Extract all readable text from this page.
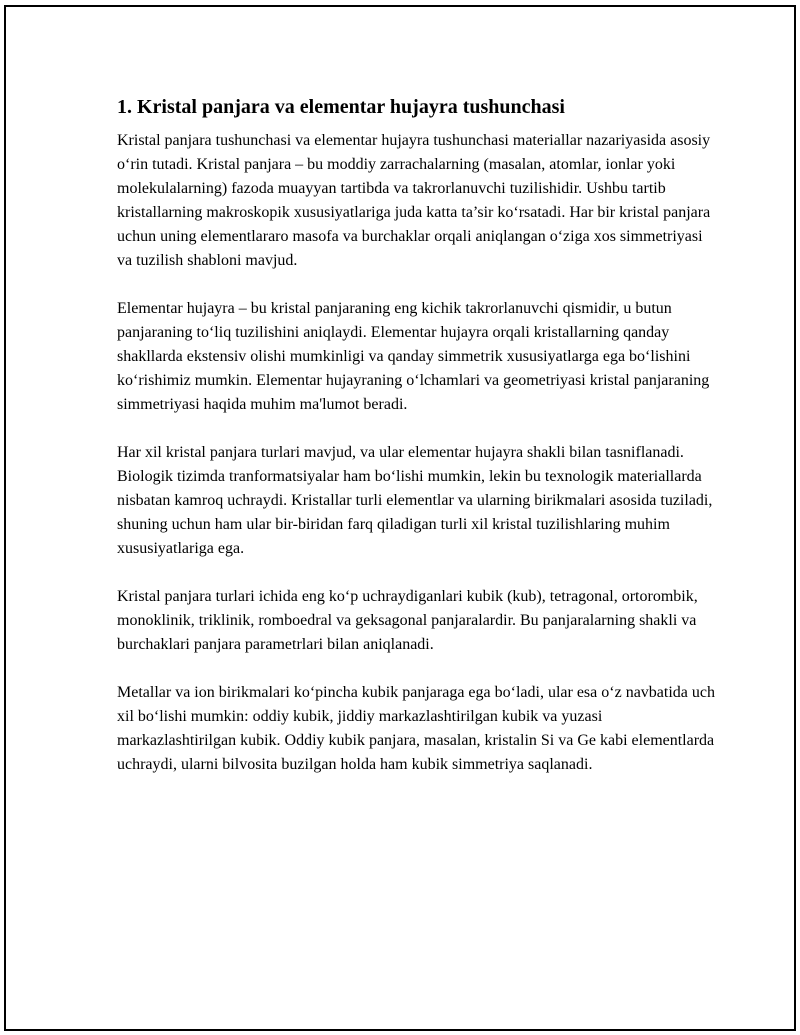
1. Kristal panjara va elementar hujayra tushunchasi

Kristal panjara tushunchasi va elementar hujayra tushunchasi materiallar nazariyasida asosiy o‘rin tutadi. Kristal panjara – bu moddiy zarrachalarning (masalan, atomlar, ionlar yoki molekulalarning) fazoda muayyan tartibda va takrorlanuvchi tuzilishidir. Ushbu tartib kristallarning makroskopik xususiyatlariga juda katta ta’sir ko‘rsatadi. Har bir kristal panjara uchun uning elementlararo masofa va burchaklar orqali aniqlangan o‘ziga xos simmetriyasi va tuzilish shabloni mavjud.

Elementar hujayra – bu kristal panjaraning eng kichik takrorlanuvchi qismidir, u butun panjaraning to‘liq tuzilishini aniqlaydi. Elementar hujayra orqali kristallarning qanday shakllarda ekstensiv olishi mumkinligi va qanday simmetrik xususiyatlarga ega bo‘lishini ko‘rishimiz mumkin. Elementar hujayraning o‘lchamlari va geometriyasi kristal panjaraning simmetriyasi haqida muhim ma'lumot beradi.

Har xil kristal panjara turlari mavjud, va ular elementar hujayra shakli bilan tasniflanadi. Biologik tizimda tranformatsiyalar ham bo‘lishi mumkin, lekin bu texnologik materiallarda nisbatan kamroq uchraydi. Kristallar turli elementlar va ularning birikmalari asosida tuziladi, shuning uchun ham ular bir-biridan farq qiladigan turli xil kristal tuzilishlaring muhim xususiyatlariga ega.

Kristal panjara turlari ichida eng ko‘p uchraydiganlari kubik (kub), tetragonal, ortorombik, monoklinik, triklinik, romboedral va geksagonal panjaralardir. Bu panjaralarning shakli va burchaklari panjara parametrlari bilan aniqlanadi.

Metallar va ion birikmalari ko‘pincha kubik panjaraga ega bo‘ladi, ular esa o‘z navbatida uch xil bo‘lishi mumkin: oddiy kubik, jiddiy markazlashtirilgan kubik va yuzasi markazlashtirilgan kubik. Oddiy kubik panjara, masalan, kristalin Si va Ge kabi elementlarda uchraydi, ularni bilvosita buzilgan holda ham kubik simmetriya saqlanadi.
